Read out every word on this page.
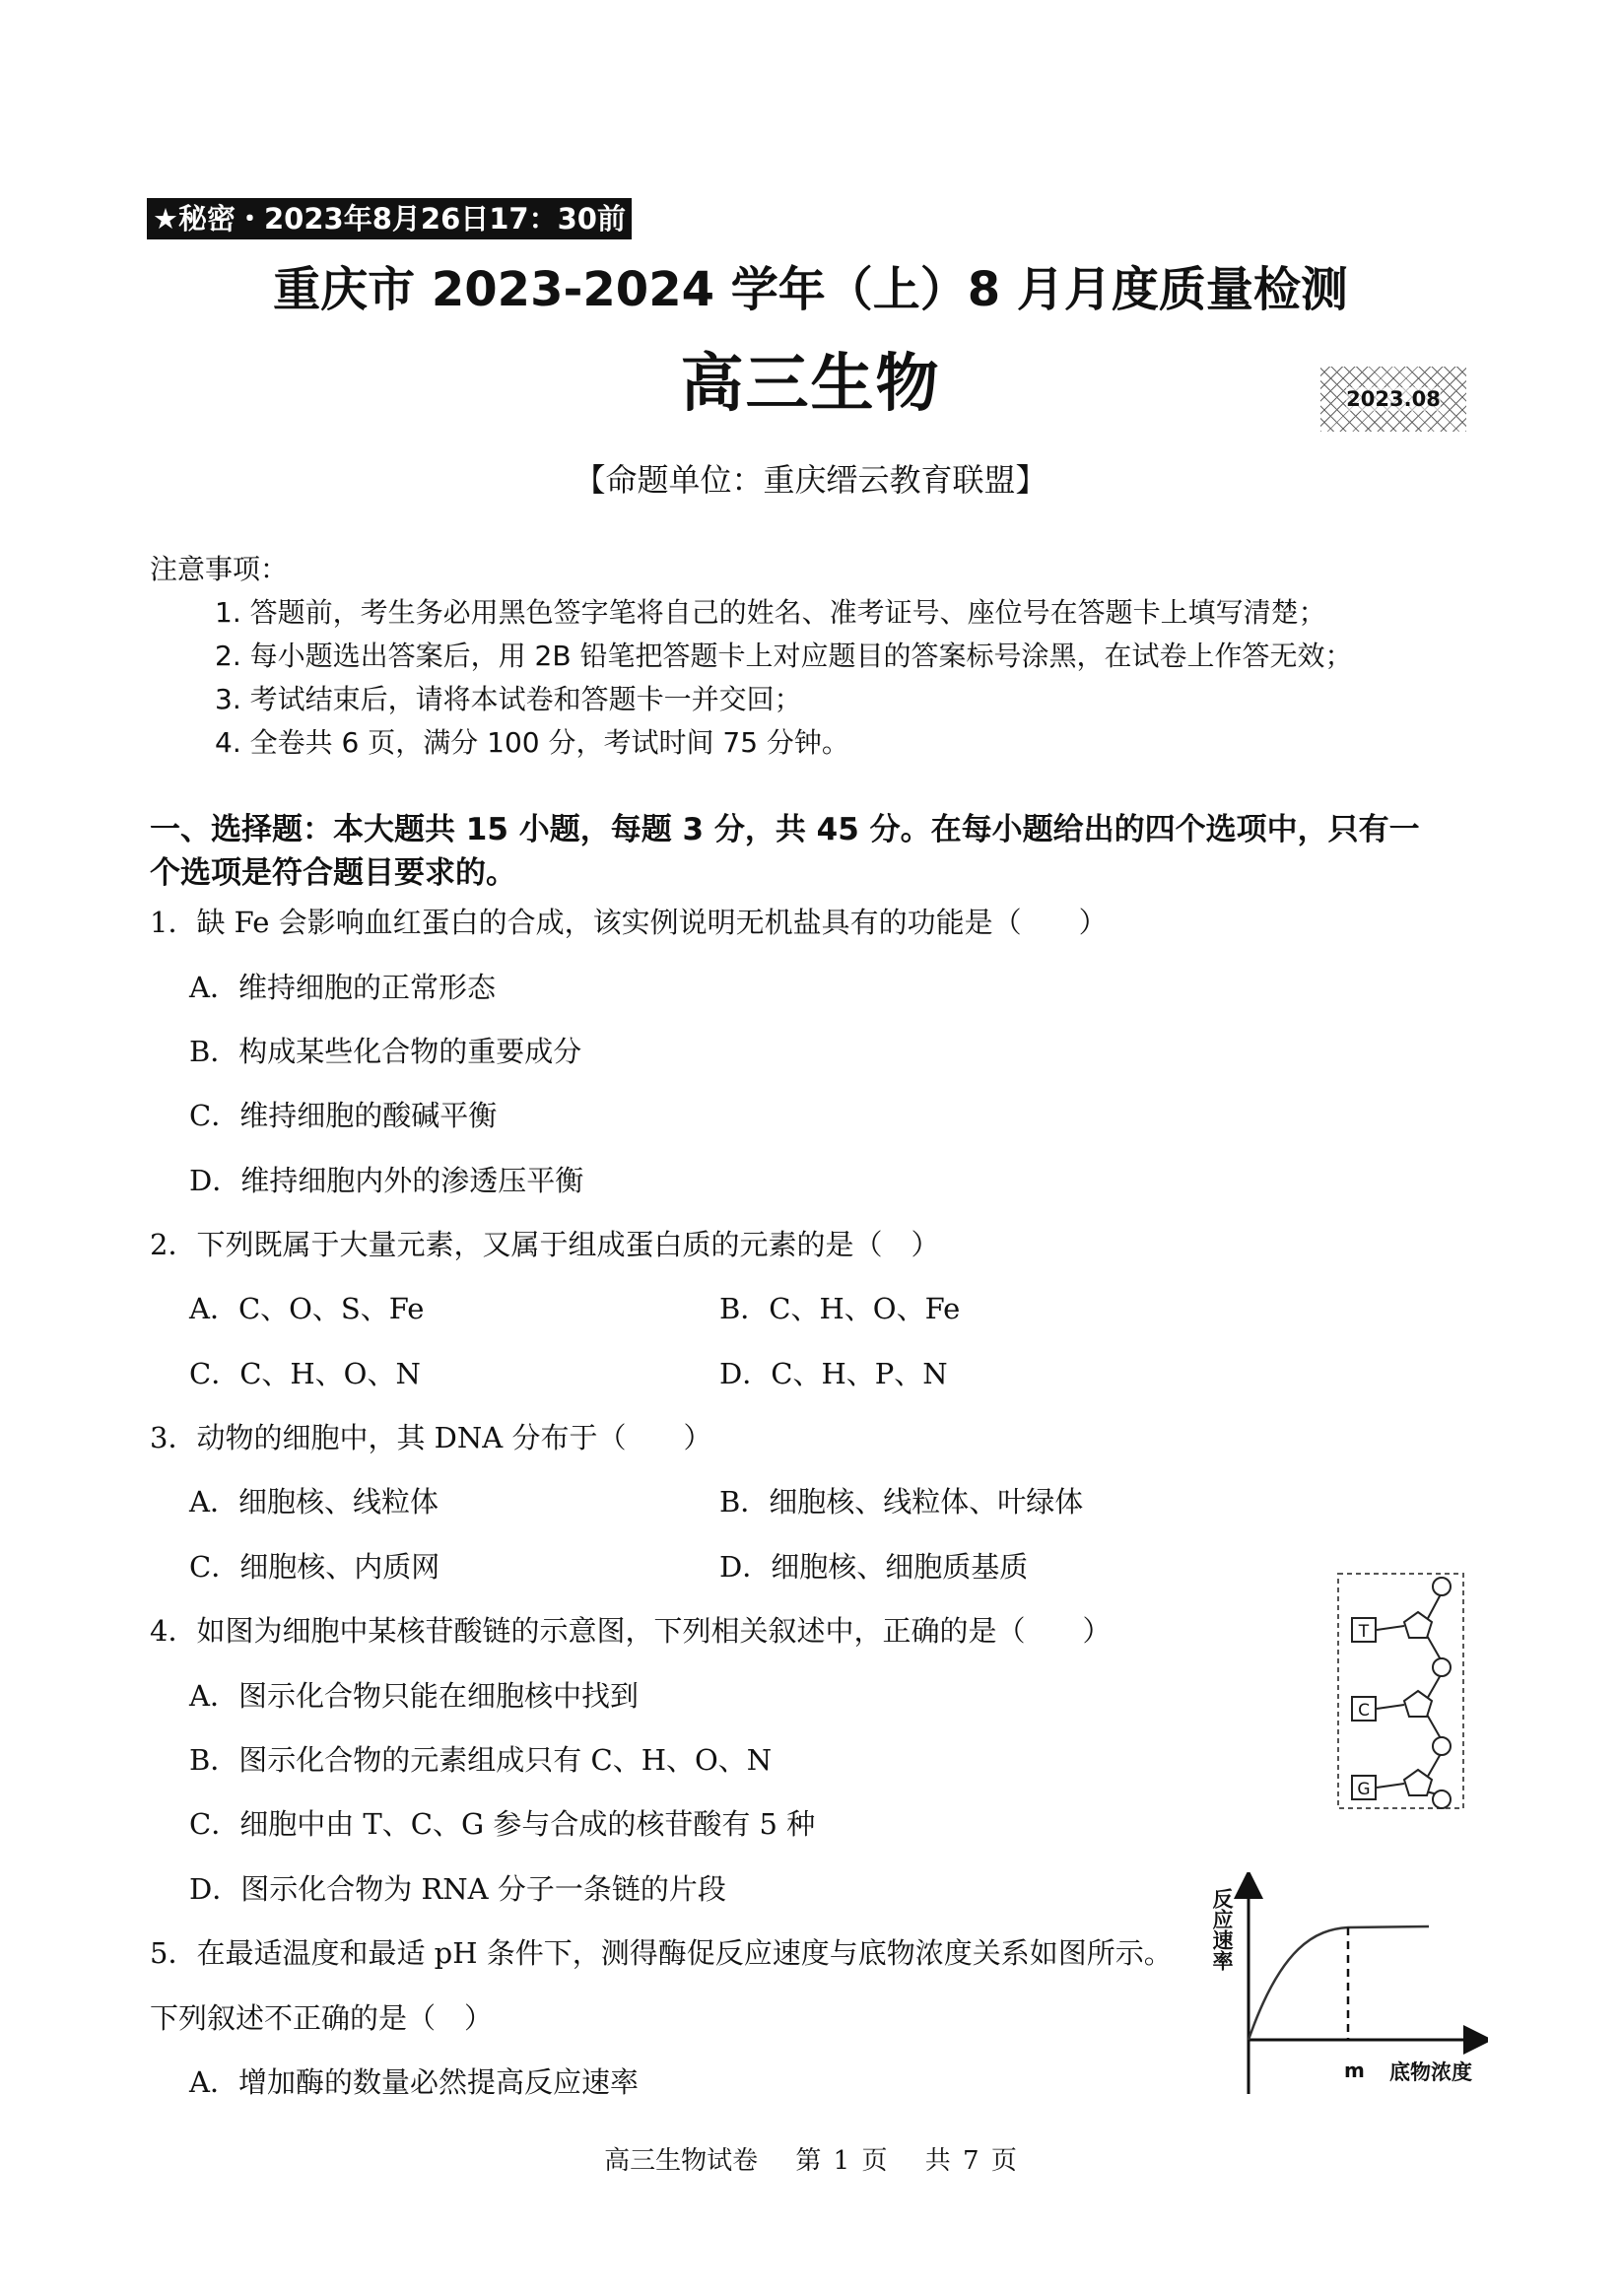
★秘密・2023年8月26日17：30前
重庆市 2023-2024 学年（上）8 月月度质量检测
高三生物	2023.08
【命题单位：重庆缙云教育联盟】
注意事项：
1. 答题前，考生务必用黑色签字笔将自己的姓名、准考证号、座位号在答题卡上填写清楚；
2. 每小题选出答案后，用 2B 铅笔把答题卡上对应题目的答案标号涂黑，在试卷上作答无效；
3. 考试结束后，请将本试卷和答题卡一并交回；
4. 全卷共 6 页，满分 100 分，考试时间 75 分钟。
一、选择题：本大题共 15 小题，每题 3 分，共 45 分。在每小题给出的四个选项中，只有一
个选项是符合题目要求的。
1．缺 Fe 会影响血红蛋白的合成，该实例说明无机盐具有的功能是（　　）
A．维持细胞的正常形态
B．构成某些化合物的重要成分
C．维持细胞的酸碱平衡
D．维持细胞内外的渗透压平衡
2．下列既属于大量元素，又属于组成蛋白质的元素的是（　）
A．C、O、S、Fe	B．C、H、O、Fe
C．C、H、O、N	D．C、H、P、N
3．动物的细胞中，其 DNA 分布于（　　）
A．细胞核、线粒体	B．细胞核、线粒体、叶绿体
C．细胞核、内质网	D．细胞核、细胞质基质
4．如图为细胞中某核苷酸链的示意图，下列相关叙述中，正确的是（　　）
A．图示化合物只能在细胞核中找到
B．图示化合物的元素组成只有 C、H、O、N
C．细胞中由 T、C、G 参与合成的核苷酸有 5 种
D．图示化合物为 RNA 分子一条链的片段
5．在最适温度和最适 pH 条件下，测得酶促反应速度与底物浓度关系如图所示。
下列叙述不正确的是（　）
A．增加酶的数量必然提高反应速率
T
C
G
反应速率
m 底物浓度
高三生物试卷　 第 1 页　 共 7 页
